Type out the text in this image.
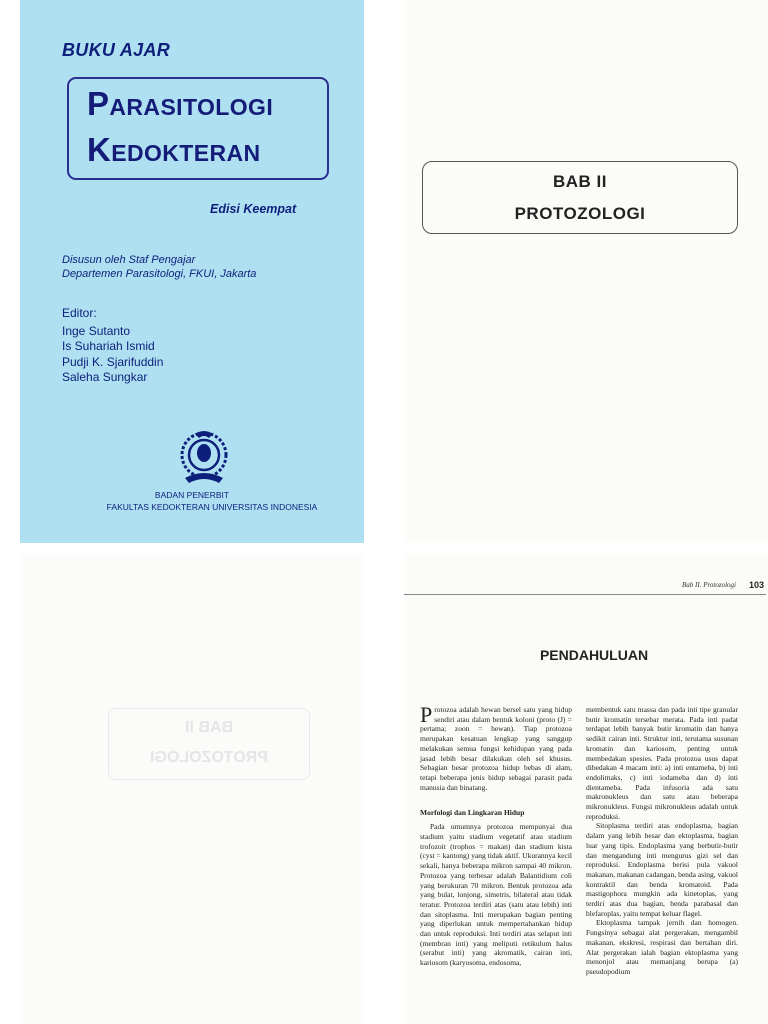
BUKU AJAR
Parasitologi
Kedokteran
Edisi Keempat
Disusun oleh Staf Pengajar
Departemen Parasitologi, FKUI, Jakarta
Editor:
Inge Sutanto
Is Suhariah Ismid
Pudji K. Sjarifuddin
Saleha Sungkar
BADAN PENERBIT
FAKULTAS KEDOKTERAN UNIVERSITAS INDONESIA
BAB II
PROTOZOLOGI
BAB II
PROTOZOLOGI
Bab II. Protozologi 103
PENDAHULUAN

Protozoa adalah hewan bersel satu yang hidup sendiri atau dalam bentuk koloni (proto (J) = pertama; zoon = hewan). Tiap protozoa merupakan kesatuan lengkap yang sanggup melakukan semua fungsi kehidupan yang pada jasad lebih besar dilakukan oleh sel khusus. Sebagian besar protozoa hidup bebas di alam, tetapi beberapa jenis hidup sebagai parasit pada manusia dan binatang.

Morfologi dan Lingkaran Hidup

Pada umumnya protozoa mempunyai dua stadium yaitu stadium vegetatif atau stadium trofozoit (trophos = makan) dan stadium kista (cyst = kantong) yang tidak aktif. Ukurannya kecil sekali, hanya beberapa mikron sampai 40 mikron. Protozoa yang terbesar adalah Balantidium coli yang berukuran 70 mikron. Bentuk protozoa ada yang bulat, lonjong, simetris, bilateral atau tidak teratur. Protozoa terdiri atas (satu atau lebih) inti dan sitoplasma. Inti merupakan bagian penting yang diperlukan untuk mempertahankan hidup dan untuk reproduksi. Inti terdiri atas selaput inti (membran inti) yang meliputi retikulum halus (serabut inti) yang akromatik, cairan inti, kariosom (karyosoma, endosoma,

membentuk satu massa dan pada inti tipe granular butir kromatin tersebar merata. Pada inti padat terdapat lebih banyak butir kromatin dan hanya sedikit cairan inti. Struktur inti, terutama susunan kromatin dan kariosom, penting untuk membedakan spesies. Pada protozoa usus dapat dibedakan 4 macam inti: a) inti entameba, b) inti endolimaks, c) inti iodameba dan d) inti dientameba. Pada infusoria ada satu makronukleus dan satu atau beberapa mikronukleus. Fungsi mikronukleus adalah untuk reproduksi.

Sitoplasma terdiri atas endoplasma, bagian dalam yang lebih besar dan ektoplasma, bagian luar yang tipis. Endoplasma yang berbutir-butir dan mengandung inti mengurus gizi sel dan reproduksi. Endoplasma berisi pula vakuol makanan, makanan cadangan, benda asing, vakuol kontraktil dan benda kromatoid. Pada mastigophora mungkin ada kinetoplas, yang terdiri atas dua bagian, benda parabasal dan blefaroplas, yaitu tempat keluar flagel.

Ektoplasma tampak jernih dan homogen. Fungsinya sebagai alat pergerakan, mengambil makanan, ekskresi, respirasi dan bertahan diri. Alat pergerakan ialah bagian ektoplasma yang menonjol atau memanjang berupa (a) pseudopodium
